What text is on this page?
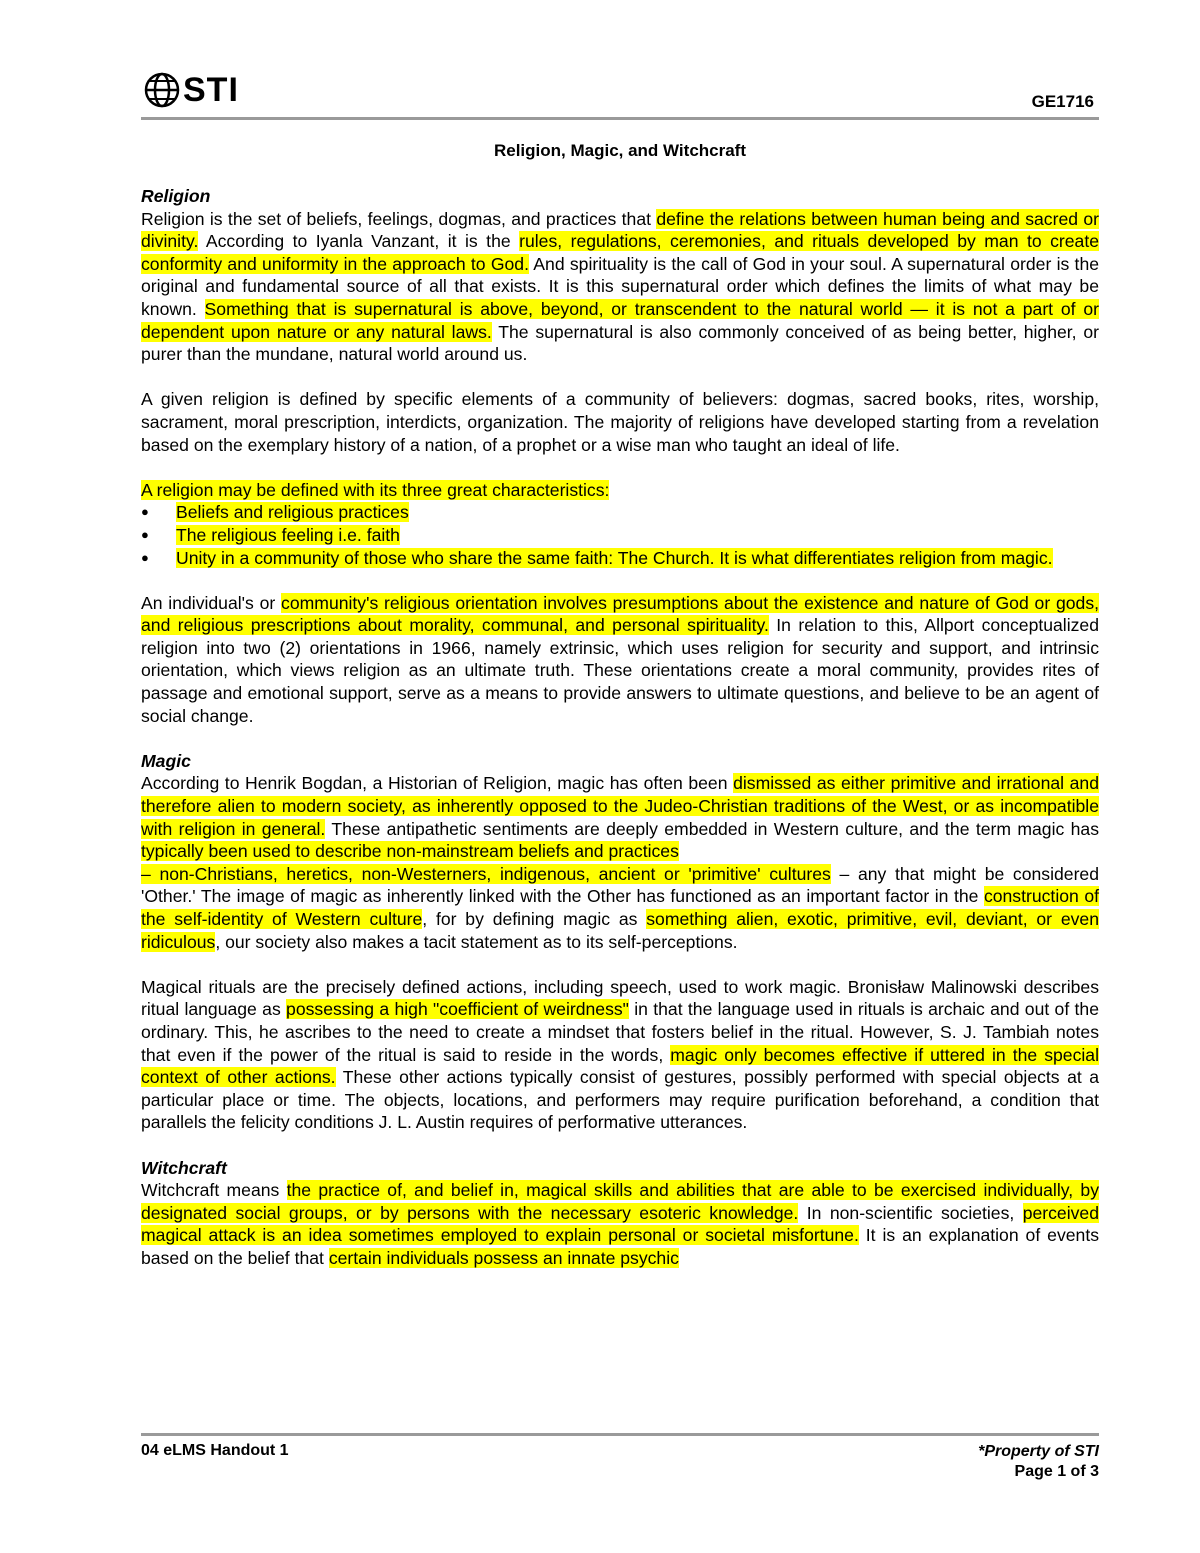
STI	GE1716
Religion, Magic, and Witchcraft
Religion

Religion is the set of beliefs, feelings, dogmas, and practices that define the relations between human being and sacred or divinity. According to Iyanla Vanzant, it is the rules, regulations, ceremonies, and rituals developed by man to create conformity and uniformity in the approach to God. And spirituality is the call of God in your soul. A supernatural order is the original and fundamental source of all that exists. It is this supernatural order which defines the limits of what may be known. Something that is supernatural is above, beyond, or transcendent to the natural world — it is not a part of or dependent upon nature or any natural laws. The supernatural is also commonly conceived of as being better, higher, or purer than the mundane, natural world around us.

A given religion is defined by specific elements of a community of believers: dogmas, sacred books, rites, worship, sacrament, moral prescription, interdicts, organization. The majority of religions have developed starting from a revelation based on the exemplary history of a nation, of a prophet or a wise man who taught an ideal of life.

A religion may be defined with its three great characteristics:

● Beliefs and religious practices
● The religious feeling i.e. faith
● Unity in a community of those who share the same faith: The Church. It is what differentiates religion from magic.

An individual's or community's religious orientation involves presumptions about the existence and nature of God or gods, and religious prescriptions about morality, communal, and personal spirituality. In relation to this, Allport conceptualized religion into two (2) orientations in 1966, namely extrinsic, which uses religion for security and support, and intrinsic orientation, which views religion as an ultimate truth. These orientations create a moral community, provides rites of passage and emotional support, serve as a means to provide answers to ultimate questions, and believe to be an agent of social change.

Magic

According to Henrik Bogdan, a Historian of Religion, magic has often been dismissed as either primitive and irrational and therefore alien to modern society, as inherently opposed to the Judeo-Christian traditions of the West, or as incompatible with religion in general. These antipathetic sentiments are deeply embedded in Western culture, and the term magic has typically been used to describe non-mainstream beliefs and practices

– non-Christians, heretics, non-Westerners, indigenous, ancient or 'primitive' cultures – any that might be considered 'Other.' The image of magic as inherently linked with the Other has functioned as an important factor in the construction of the self-identity of Western culture, for by defining magic as something alien, exotic, primitive, evil, deviant, or even ridiculous, our society also makes a tacit statement as to its self-perceptions.

Magical rituals are the precisely defined actions, including speech, used to work magic. Bronisław Malinowski describes ritual language as possessing a high "coefficient of weirdness" in that the language used in rituals is archaic and out of the ordinary. This, he ascribes to the need to create a mindset that fosters belief in the ritual. However, S. J. Tambiah notes that even if the power of the ritual is said to reside in the words, magic only becomes effective if uttered in the special context of other actions. These other actions typically consist of gestures, possibly performed with special objects at a particular place or time. The objects, locations, and performers may require purification beforehand, a condition that parallels the felicity conditions J. L. Austin requires of performative utterances.

Witchcraft

Witchcraft means the practice of, and belief in, magical skills and abilities that are able to be exercised individually, by designated social groups, or by persons with the necessary esoteric knowledge. In non-scientific societies, perceived magical attack is an idea sometimes employed to explain personal or societal misfortune. It is an explanation of events based on the belief that certain individuals possess an innate psychic

04 eLMS Handout 1	*Property of STI
Page 1 of 3
